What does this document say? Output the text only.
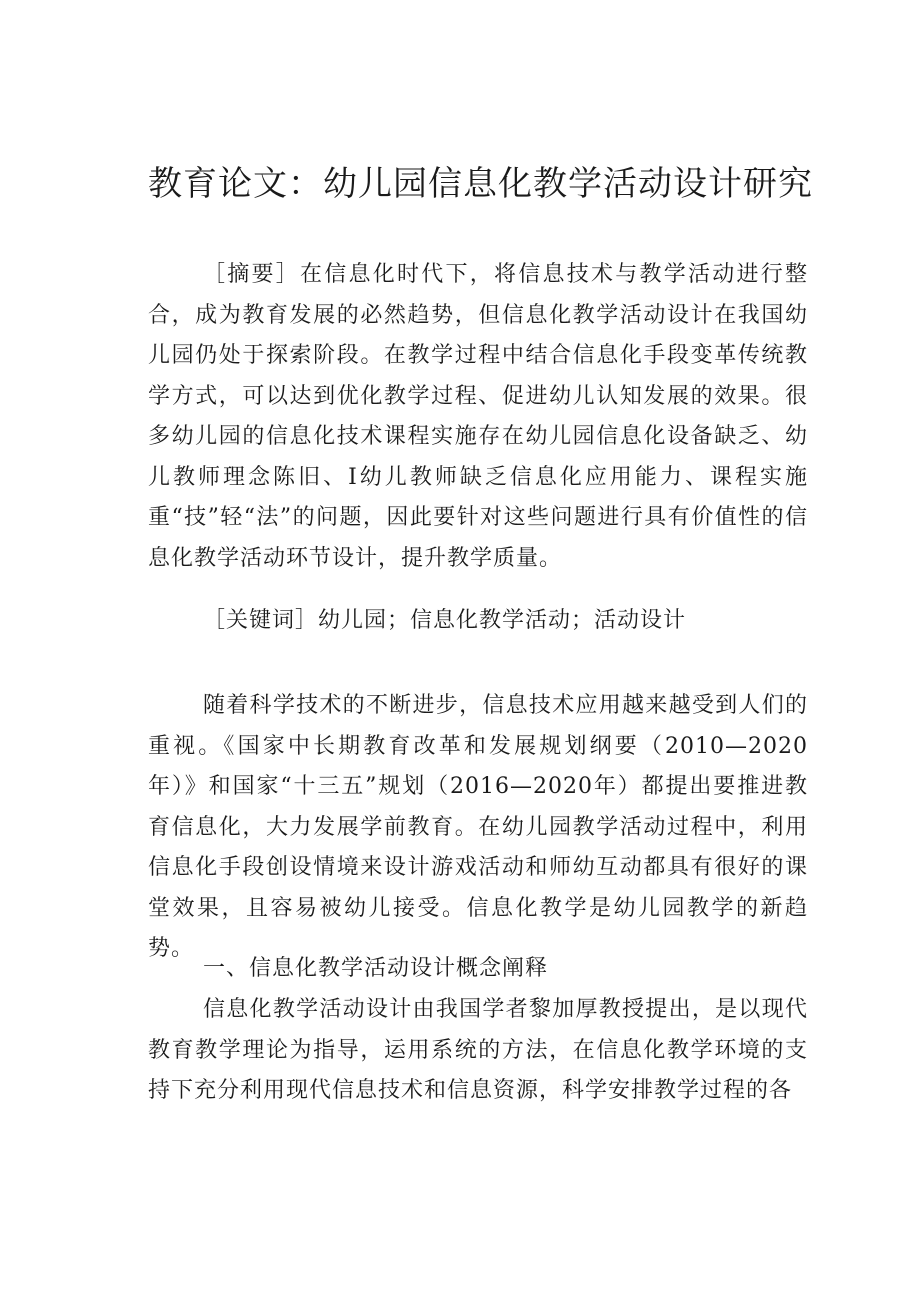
教育论文：幼儿园信息化教学活动设计研究

［摘要］在信息化时代下，将信息技术与教学活动进行整合，成为教育发展的必然趋势，但信息化教学活动设计在我国幼儿园仍处于探索阶段。在教学过程中结合信息化手段变革传统教学方式，可以达到优化教学过程、促进幼儿认知发展的效果。很多幼儿园的信息化技术课程实施存在幼儿园信息化设备缺乏、幼儿教师理念陈旧、I幼儿教师缺乏信息化应用能力、课程实施重“技”轻“法”的问题，因此要针对这些问题进行具有价值性的信息化教学活动环节设计，提升教学质量。

［关键词］幼儿园；信息化教学活动；活动设计

随着科学技术的不断进步，信息技术应用越来越受到人们的重视。《国家中长期教育改革和发展规划纲要（2010—2020年）》和国家“十三五”规划（2016—2020年）都提出要推进教育信息化，大力发展学前教育。在幼儿园教学活动过程中，利用信息化手段创设情境来设计游戏活动和师幼互动都具有很好的课堂效果，且容易被幼儿接受。信息化教学是幼儿园教学的新趋势。

一、信息化教学活动设计概念阐释

信息化教学活动设计由我国学者黎加厚教授提出，是以现代教育教学理论为指导，运用系统的方法，在信息化教学环境的支持下充分利用现代信息技术和信息资源，科学安排教学过程的各
